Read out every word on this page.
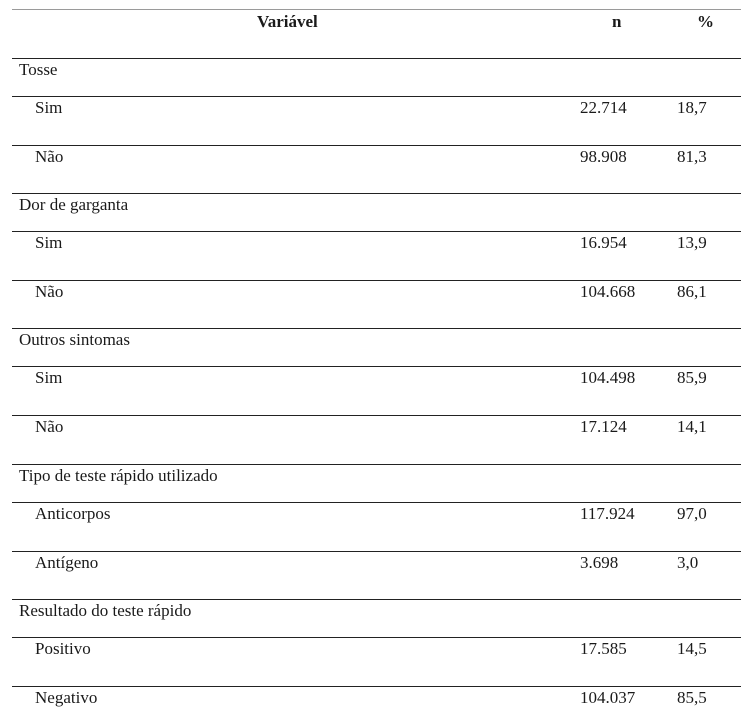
Variável	n	%
Tosse
Sim	22.714	18,7
Não	98.908	81,3
Dor de garganta
Sim	16.954	13,9
Não	104.668 86,1
Outros sintomas
Sim	104.498 85,9
Não	17.124	14,1
Tipo de teste rápido utilizado
Anticorpos	117.924 97,0
Antígeno	3.698	3,0
Resultado do teste rápido
Positivo	17.585	14,5
Negativo	104.037 85,5
